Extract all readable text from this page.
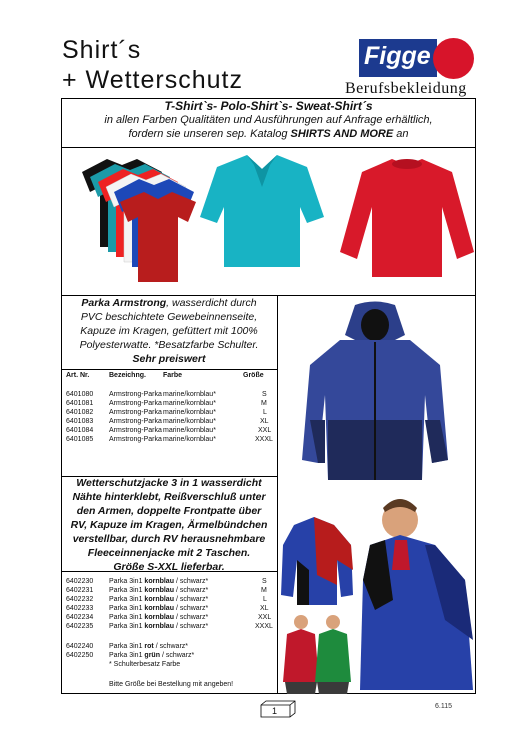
Shirt´s
+ Wetterschutz
Figge
Berufsbekleidung
T-Shirt`s- Polo-Shirt`s- Sweat-Shirt´s
in allen Farben Qualitäten und Ausführungen auf Anfrage erhältlich,
fordern sie unseren sep. Katalog SHIRTS AND MORE an
Parka Armstrong, wasserdicht durch
PVC beschichtete Gewebeinnenseite,
Kapuze im Kragen, gefüttert mit 100%
Polyesterwatte. *Besatzfarbe Schulter.
Sehr preiswert
Art. Nr.	Bezeichng. Farbe	Größe
6401080 Armstrong-Parka marine/kornblau*	S
6401081 Armstrong-Parka marine/kornblau*	M
6401082 Armstrong-Parka marine/kornblau*	L
6401083 Armstrong-Parka marine/kornblau*	XL
6401084 Armstrong-Parka marine/kornblau*	XXL
6401085 Armstrong-Parka marine/kornblau*	XXXL
Wetterschutzjacke 3 in 1 wasserdicht
Nähte hinterklebt, Reißverschluß unter
den Armen, doppelte Frontpatte über
RV, Kapuze im Kragen, Ärmelbündchen
verstellbar, durch RV herausnehmbare
Fleeceinnenjacke mit 2 Taschen.
Größe S-XXL lieferbar.
6402230 Parka 3in1 kornblau / schwarz*	S
6402231 Parka 3in1 kornblau / schwarz*	M
6402232 Parka 3in1 kornblau / schwarz*	L
6402233 Parka 3in1 kornblau / schwarz*	XL
6402234 Parka 3in1 kornblau / schwarz*	XXL
6402235 Parka 3in1 kornblau / schwarz*	XXXL
6402240 Parka 3in1 rot / schwarz*
6402250 Parka 3in1 grün / schwarz*
* Schulterbesatz Farbe
Bitte Größe bei Bestellung mit angeben!
1	6.115
